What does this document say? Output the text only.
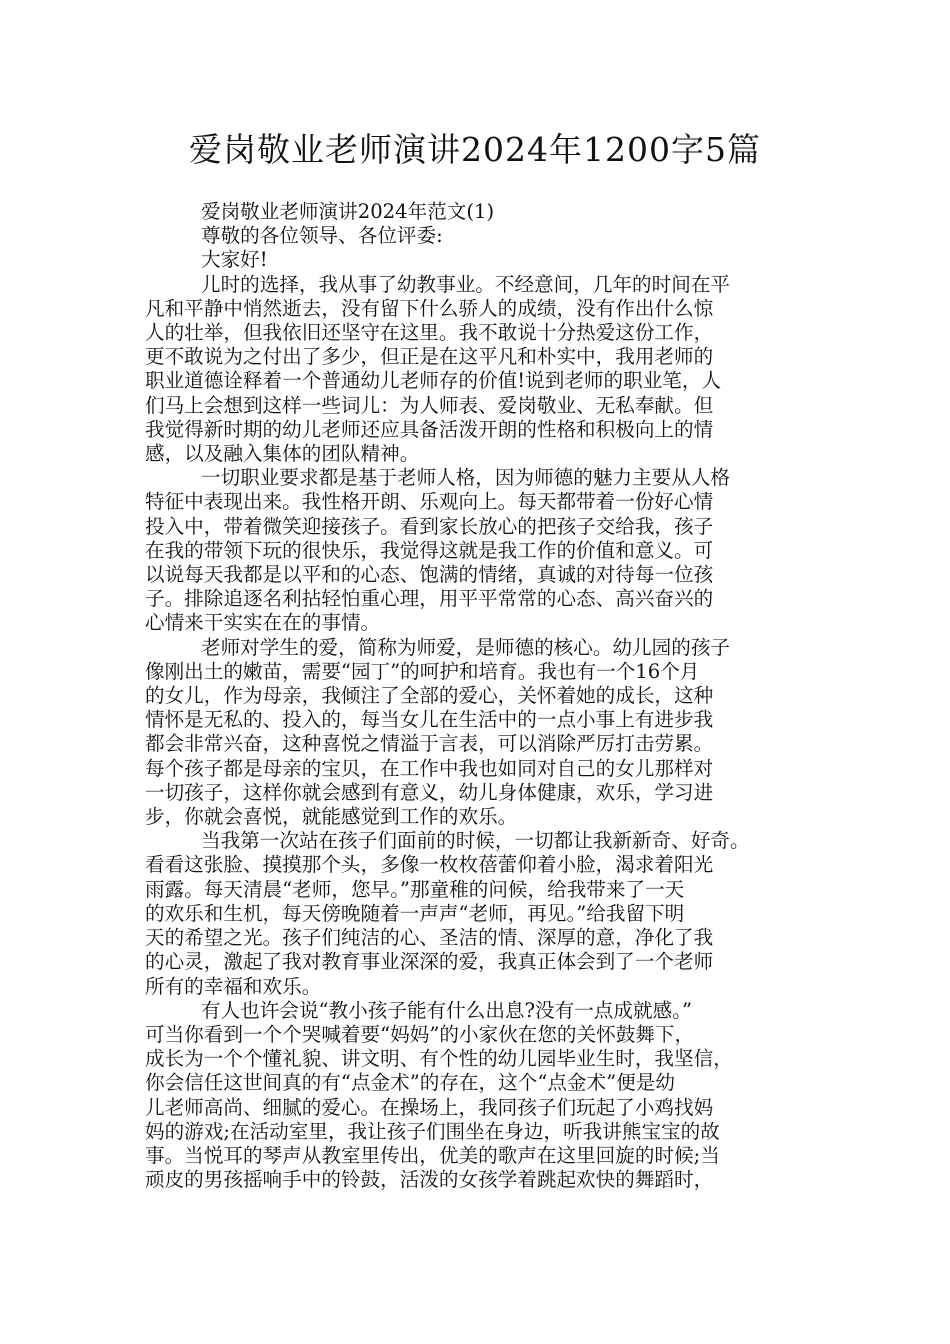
爱岗敬业老师演讲2024年1200字5篇

爱岗敬业老师演讲2024年范文(1)

尊敬的各位领导、各位评委:

大家好!

儿时的选择，我从事了幼教事业。不经意间，几年的时间在平

凡和平静中悄然逝去，没有留下什么骄人的成绩，没有作出什么惊

人的壮举，但我依旧还坚守在这里。我不敢说十分热爱这份工作，

更不敢说为之付出了多少，但正是在这平凡和朴实中，我用老师的

职业道德诠释着一个普通幼儿老师存的价值!说到老师的职业笔，人

们马上会想到这样一些词儿：为人师表、爱岗敬业、无私奉献。但

我觉得新时期的幼儿老师还应具备活泼开朗的性格和积极向上的情

感，以及融入集体的团队精神。

一切职业要求都是基于老师人格，因为师德的魅力主要从人格

特征中表现出来。我性格开朗、乐观向上。每天都带着一份好心情

投入中，带着微笑迎接孩子。看到家长放心的把孩子交给我，孩子

在我的带领下玩的很快乐，我觉得这就是我工作的价值和意义。可

以说每天我都是以平和的心态、饱满的情绪，真诚的对待每一位孩

子。排除追逐名利拈轻怕重心理，用平平常常的心态、高兴奋兴的

心情来干实实在在的事情。

老师对学生的爱，简称为师爱，是师德的核心。幼儿园的孩子

像刚出土的嫩苗，需要“园丁”的呵护和培育。我也有一个16个月

的女儿，作为母亲，我倾注了全部的爱心，关怀着她的成长，这种

情怀是无私的、投入的，每当女儿在生活中的一点小事上有进步我

都会非常兴奋，这种喜悦之情溢于言表，可以消除严厉打击劳累。

每个孩子都是母亲的宝贝，在工作中我也如同对自己的女儿那样对

一切孩子，这样你就会感到有意义，幼儿身体健康，欢乐，学习进

步，你就会喜悦，就能感觉到工作的欢乐。

当我第一次站在孩子们面前的时候，一切都让我新新奇、好奇。

看看这张脸、摸摸那个头，多像一枚枚蓓蕾仰着小脸，渴求着阳光

雨露。每天清晨“老师，您早。”那童稚的问候，给我带来了一天

的欢乐和生机，每天傍晚随着一声声“老师，再见。”给我留下明

天的希望之光。孩子们纯洁的心、圣洁的情、深厚的意，净化了我

的心灵，激起了我对教育事业深深的爱，我真正体会到了一个老师

所有的幸福和欢乐。

有人也许会说“教小孩子能有什么出息?没有一点成就感。”

可当你看到一个个哭喊着要“妈妈”的小家伙在您的关怀鼓舞下，

成长为一个个懂礼貌、讲文明、有个性的幼儿园毕业生时，我坚信，

你会信任这世间真的有“点金术”的存在，这个“点金术”便是幼

儿老师高尚、细腻的爱心。在操场上，我同孩子们玩起了小鸡找妈

妈的游戏;在活动室里，我让孩子们围坐在身边，听我讲熊宝宝的故

事。当悦耳的琴声从教室里传出，优美的歌声在这里回旋的时候;当

顽皮的男孩摇响手中的铃鼓，活泼的女孩学着跳起欢快的舞蹈时，
